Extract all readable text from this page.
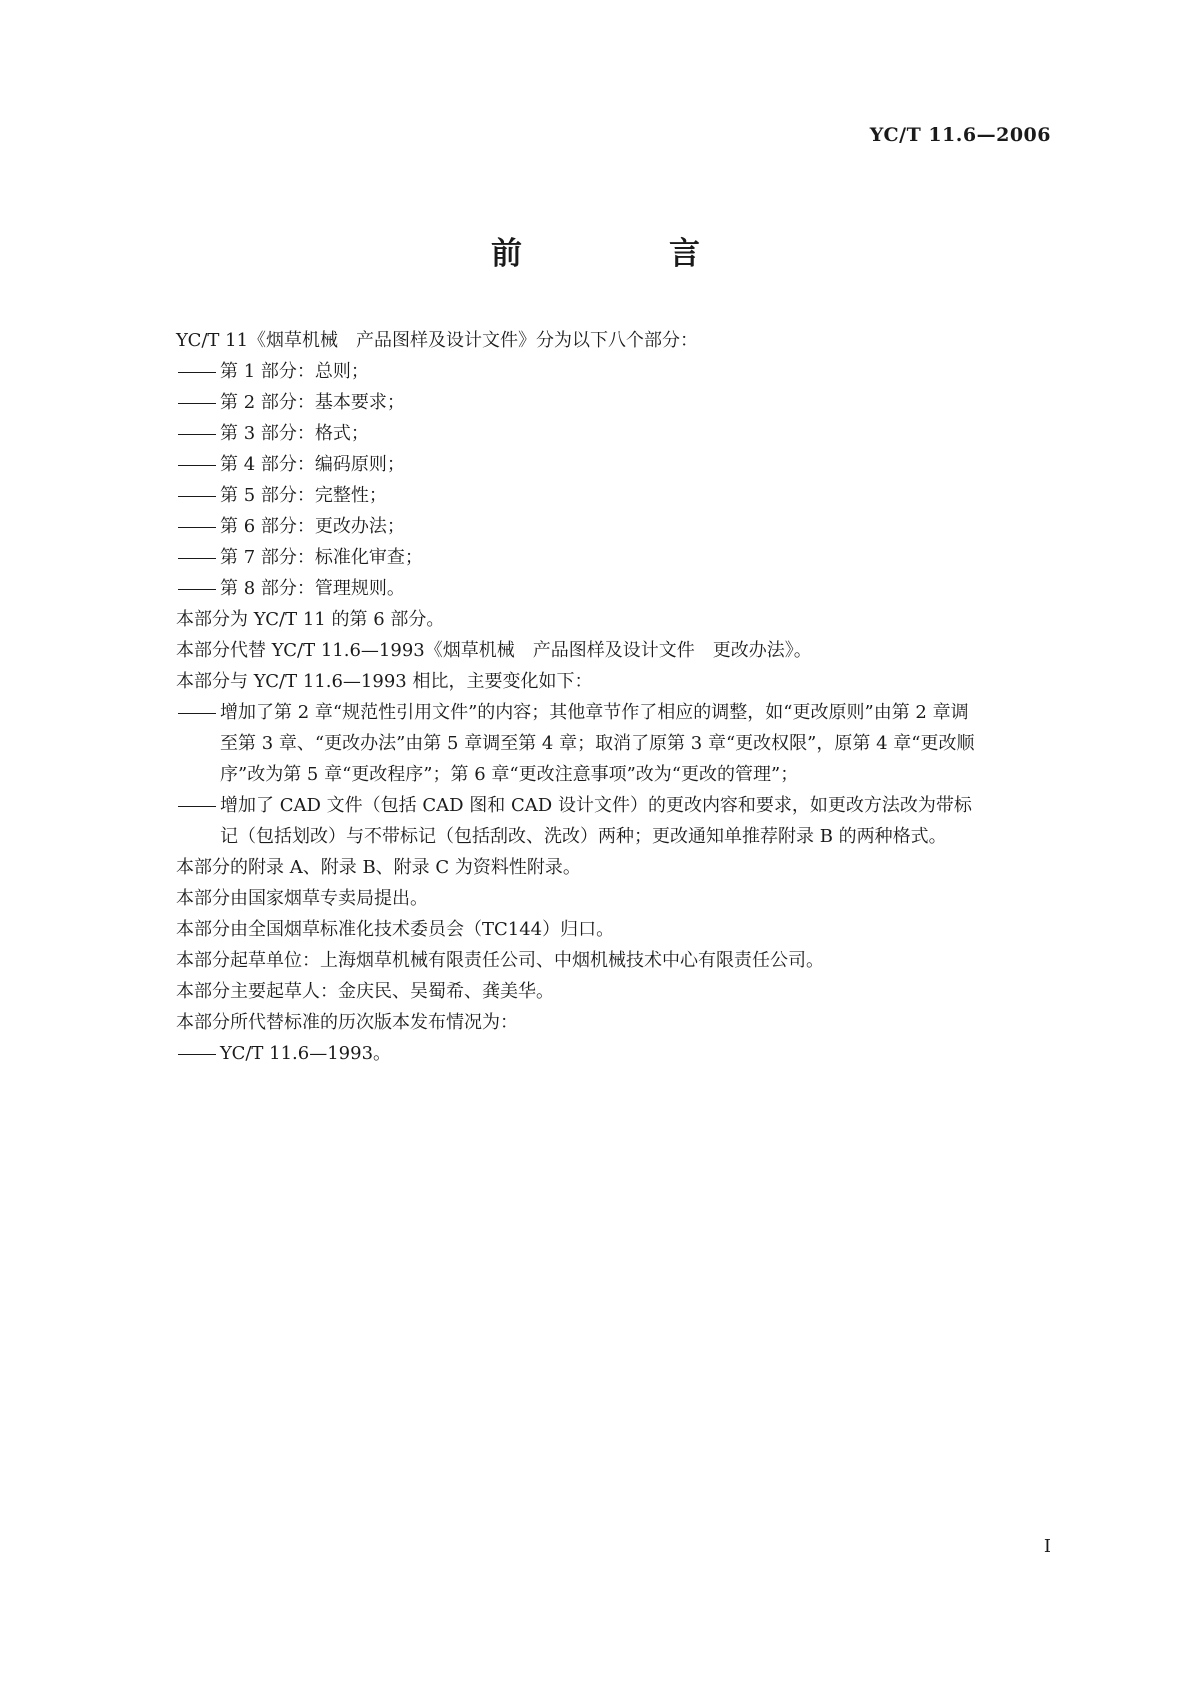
YC/T 11.6—2006
前　言
YC/T 11《烟草机械　产品图样及设计文件》分为以下八个部分：
第 1 部分：总则；
第 2 部分：基本要求；
第 3 部分：格式；
第 4 部分：编码原则；
第 5 部分：完整性；
第 6 部分：更改办法；
第 7 部分：标准化审查；
第 8 部分：管理规则。
本部分为 YC/T 11 的第 6 部分。
本部分代替 YC/T 11.6—1993《烟草机械　产品图样及设计文件　更改办法》。
本部分与 YC/T 11.6—1993 相比，主要变化如下：
增加了第 2 章“规范性引用文件”的内容；其他章节作了相应的调整，如“更改原则”由第 2 章调
至第 3 章、“更改办法”由第 5 章调至第 4 章；取消了原第 3 章“更改权限”，原第 4 章“更改顺
序”改为第 5 章“更改程序”；第 6 章“更改注意事项”改为“更改的管理”；
增加了 CAD 文件（包括 CAD 图和 CAD 设计文件）的更改内容和要求，如更改方法改为带标
记（包括划改）与不带标记（包括刮改、洗改）两种；更改通知单推荐附录 B 的两种格式。
本部分的附录 A、附录 B、附录 C 为资料性附录。
本部分由国家烟草专卖局提出。
本部分由全国烟草标准化技术委员会（TC144）归口。
本部分起草单位：上海烟草机械有限责任公司、中烟机械技术中心有限责任公司。
本部分主要起草人：金庆民、吴蜀希、龚美华。
本部分所代替标准的历次版本发布情况为：
YC/T 11.6—1993。
I
